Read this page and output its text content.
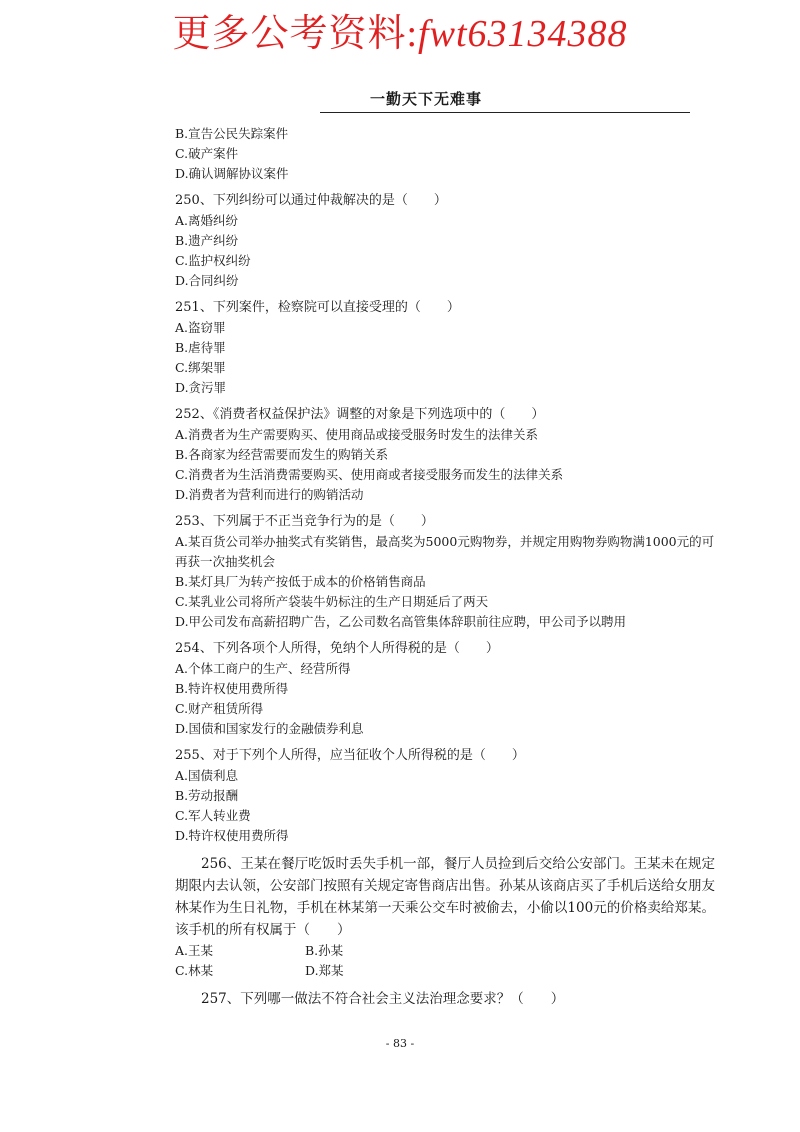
更多公考资料:fwt63134388
一勤天下无难事
B.宣告公民失踪案件
C.破产案件
D.确认调解协议案件
250、下列纠纷可以通过仲裁解决的是（　　）
A.离婚纠纷
B.遗产纠纷
C.监护权纠纷
D.合同纠纷
251、下列案件，检察院可以直接受理的（　　）
A.盗窃罪
B.虐待罪
C.绑架罪
D.贪污罪
252、《消费者权益保护法》调整的对象是下列选项中的（　　）
A.消费者为生产需要购买、使用商品或接受服务时发生的法律关系
B.各商家为经营需要而发生的购销关系
C.消费者为生活消费需要购买、使用商或者接受服务而发生的法律关系
D.消费者为营利而进行的购销活动
253、下列属于不正当竞争行为的是（　　）
A.某百货公司举办抽奖式有奖销售，最高奖为5000元购物券，并规定用购物券购物满1000元的可再获一次抽奖机会
B.某灯具厂为转产按低于成本的价格销售商品
C.某乳业公司将所产袋装牛奶标注的生产日期延后了两天
D.甲公司发布高薪招聘广告，乙公司数名高管集体辞职前往应聘，甲公司予以聘用
254、下列各项个人所得，免纳个人所得税的是（　　）
A.个体工商户的生产、经营所得
B.特许权使用费所得
C.财产租赁所得
D.国债和国家发行的金融债券利息
255、对于下列个人所得，应当征收个人所得税的是（　　）
A.国债利息
B.劳动报酬
C.军人转业费
D.特许权使用费所得
256、王某在餐厅吃饭时丢失手机一部，餐厅人员捡到后交给公安部门。王某未在规定期限内去认领，公安部门按照有关规定寄售商店出售。孙某从该商店买了手机后送给女朋友林某作为生日礼物，手机在林某第一天乘公交车时被偷去，小偷以100元的价格卖给郑某。该手机的所有权属于（　　）
A.王某	B.孙某
C.林某	D.郑某
257、下列哪一做法不符合社会主义法治理念要求？（　　）
- 83 -
